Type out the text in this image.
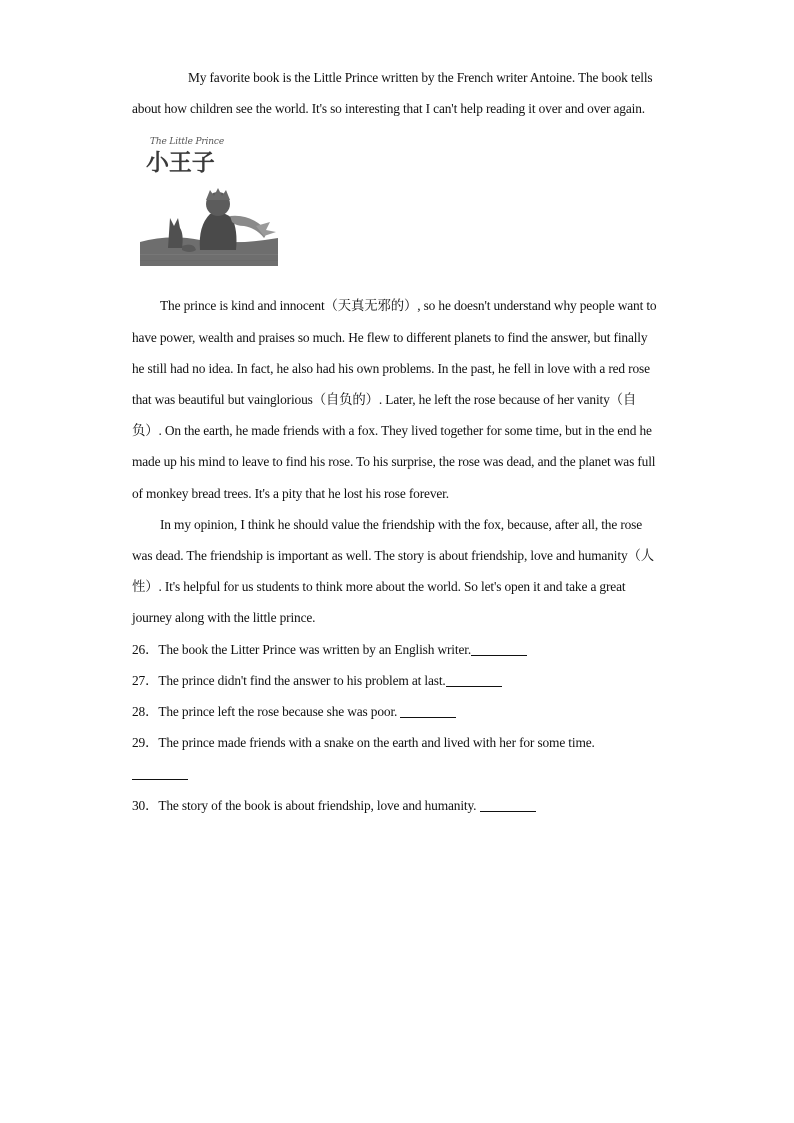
My favorite book is the Little Prince written by the French writer Antoine. The book tells about how children see the world. It's so interesting that I can't help reading it over and over again.

The Little Prince
小王子

The prince is kind and innocent（天真无邪的）, so he doesn't understand why people want to have power, wealth and praises so much. He flew to different planets to find the answer, but finally he still had no idea. In fact, he also had his own problems. In the past, he fell in love with a red rose that was beautiful but vainglorious（自负的）. Later, he left the rose because of her vanity（自负）. On the earth, he made friends with a fox. They lived together for some time, but in the end he made up his mind to leave to find his rose. To his surprise, the rose was dead, and the planet was full of monkey bread trees. It's a pity that he lost his rose forever.

In my opinion, I think he should value the friendship with the fox, because, after all, the rose was dead. The friendship is important as well. The story is about friendship, love and humanity（人性）. It's helpful for us students to think more about the world. So let's open it and take a great journey along with the little prince.

26．The book the Litter Prince was written by an English writer.
27．The prince didn't find the answer to his problem at last.
28．The prince left the rose because she was poor.
29．The prince made friends with a snake on the earth and lived with her for some time.
30．The story of the book is about friendship, love and humanity.
